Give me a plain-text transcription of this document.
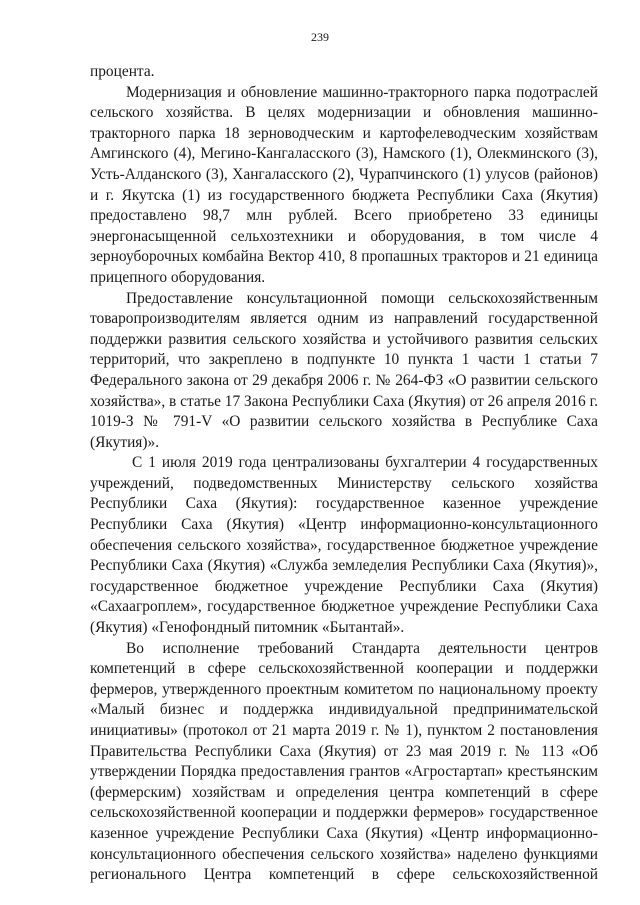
239

процента.

Модернизация и обновление машинно-тракторного парка подотраслей сельского хозяйства. В целях модернизации и обновления машинно-тракторного парка 18 зерноводческим и картофелеводческим хозяйствам Амгинского (4), Мегино-Кангаласского (3), Намского (1), Олекминского (3), Усть-Алданского (3), Хангаласского (2), Чурапчинского (1) улусов (районов) и г. Якутска (1) из государственного бюджета Республики Саха (Якутия) предоставлено 98,7 млн рублей. Всего приобретено 33 единицы энергонасыщенной сельхозтехники и оборудования, в том числе 4 зерноуборочных комбайна Вектор 410, 8 пропашных тракторов и 21 единица прицепного оборудования.

Предоставление консультационной помощи сельскохозяйственным товаропроизводителям является одним из направлений государственной поддержки развития сельского хозяйства и устойчивого развития сельских территорий, что закреплено в подпункте 10 пункта 1 части 1 статьи 7 Федерального закона от 29 декабря 2006 г. № 264-ФЗ «О развитии сельского хозяйства», в статье 17 Закона Республики Саха (Якутия) от 26 апреля 2016 г. 1019-З № 791-V «О развитии сельского хозяйства в Республике Саха (Якутия)».

С 1 июля 2019 года централизованы бухгалтерии 4 государственных учреждений, подведомственных Министерству сельского хозяйства Республики Саха (Якутия): государственное казенное учреждение Республики Саха (Якутия) «Центр информационно-консультационного обеспечения сельского хозяйства», государственное бюджетное учреждение Республики Саха (Якутия) «Служба земледелия Республики Саха (Якутия)», государственное бюджетное учреждение Республики Саха (Якутия) «Сахаагроплем», государственное бюджетное учреждение Республики Саха (Якутия) «Генофондный питомник «Бытантай».

Во исполнение требований Стандарта деятельности центров компетенций в сфере сельскохозяйственной кооперации и поддержки фермеров, утвержденного проектным комитетом по национальному проекту «Малый бизнес и поддержка индивидуальной предпринимательской инициативы» (протокол от 21 марта 2019 г. № 1), пунктом 2 постановления Правительства Республики Саха (Якутия) от 23 мая 2019 г. № 113 «Об утверждении Порядка предоставления грантов «Агростартап» крестьянским (фермерским) хозяйствам и определения центра компетенций в сфере сельскохозяйственной кооперации и поддержки фермеров» государственное казенное учреждение Республики Саха (Якутия) «Центр информационно-консультационного обеспечения сельского хозяйства» наделено функциями регионального Центра компетенций в сфере сельскохозяйственной
